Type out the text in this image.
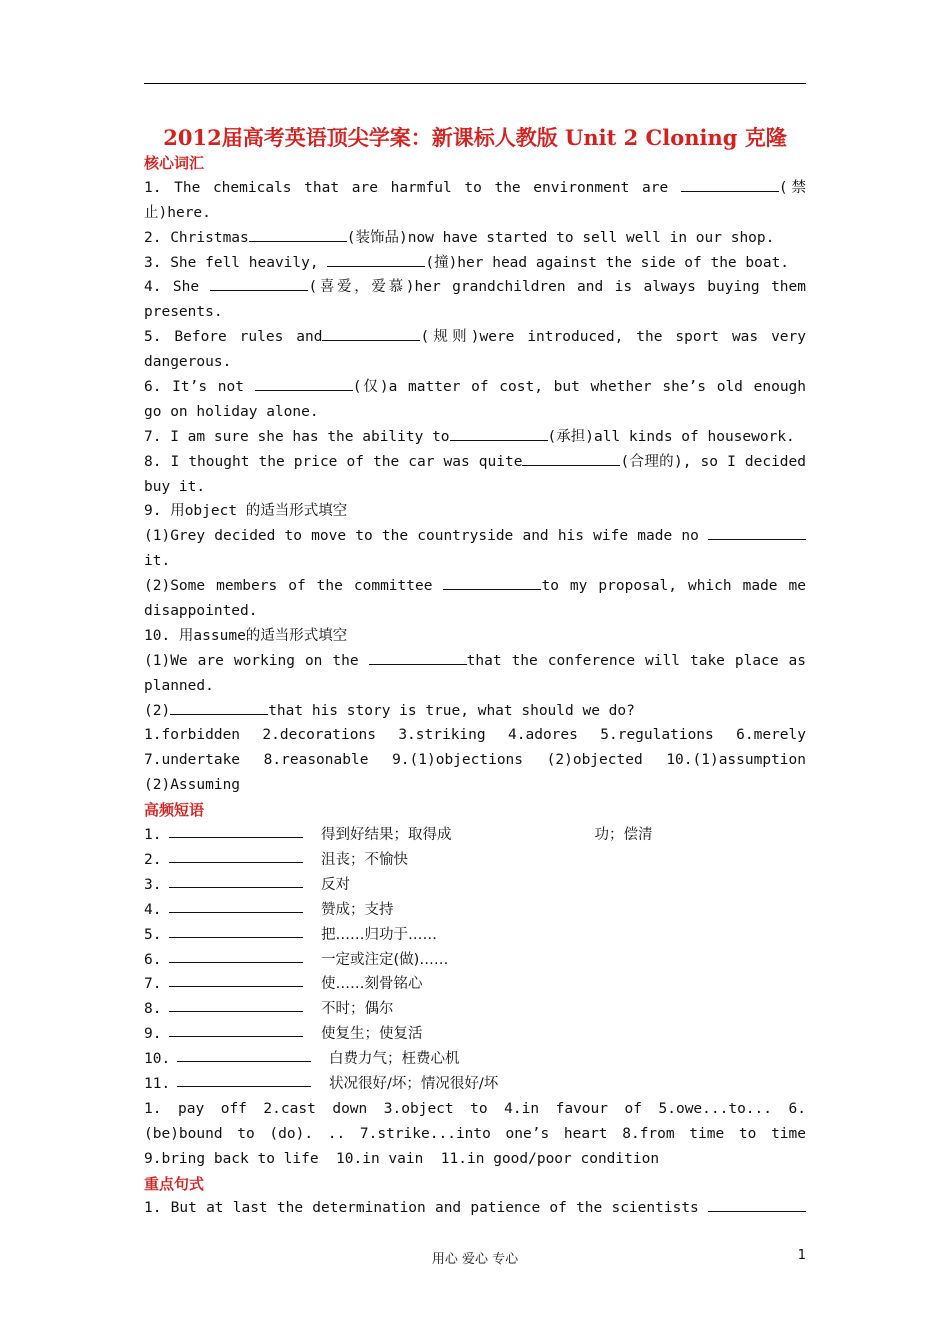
2012届高考英语顶尖学案：新课标人教版 Unit 2 Cloning 克隆
核心词汇
1. The chemicals that are harmful to the environment are	(禁
止)here.
2. Christmas	(装饰品)now have started to sell well in our shop.
3. She fell heavily,	(撞)her head against the side of the boat.
4. She	(喜爱，爱慕)her grandchildren and is always buying them
presents.
5. Before rules and	(规则)were introduced, the sport was very
dangerous.
6. It’s not	(仅)a matter of cost, but whether she’s old enough
go on holiday alone.
7. I am sure she has the ability to	(承担)all kinds of housework.
8. I thought the price of the car was quite	(合理的), so I decided
buy it.
9. 用object 的适当形式填空
(1)Grey decided to move to the countryside and his wife made no
it.
(2)Some members of the committee	to my proposal, which made me
disappointed.
10. 用assume的适当形式填空
(1)We are working on the	that the conference will take place as
planned.
(2)	that his story is true, what should we do?
1.forbidden 2.decorations 3.striking 4.adores 5.regulations 6.merely
7.undertake 8.reasonable 9.(1)objections (2)objected 10.(1)assumption
(2)Assuming
高频短语
1.	得到好结果；取得成	功；偿清
2.	沮丧；不愉快
3.	反对
4.	赞成；支持
5.	把……归功于……
6.	一定或注定(做)……
7.	使……刻骨铭心
8.	不时；偶尔
9.	使复生；使复活
10.	白费力气；枉费心机
11.	状况很好/坏；情况很好/坏
1. pay off 2.cast down 3.object to 4.in favour of 5.owe...to... 6.
(be)bound to (do). .. 7.strike...into one’s heart 8.from time to time
9.bring back to life  10.in vain  11.in good/poor condition
重点句式
1. But at last the determination and patience of the scientists
用心 爱心 专心	1
